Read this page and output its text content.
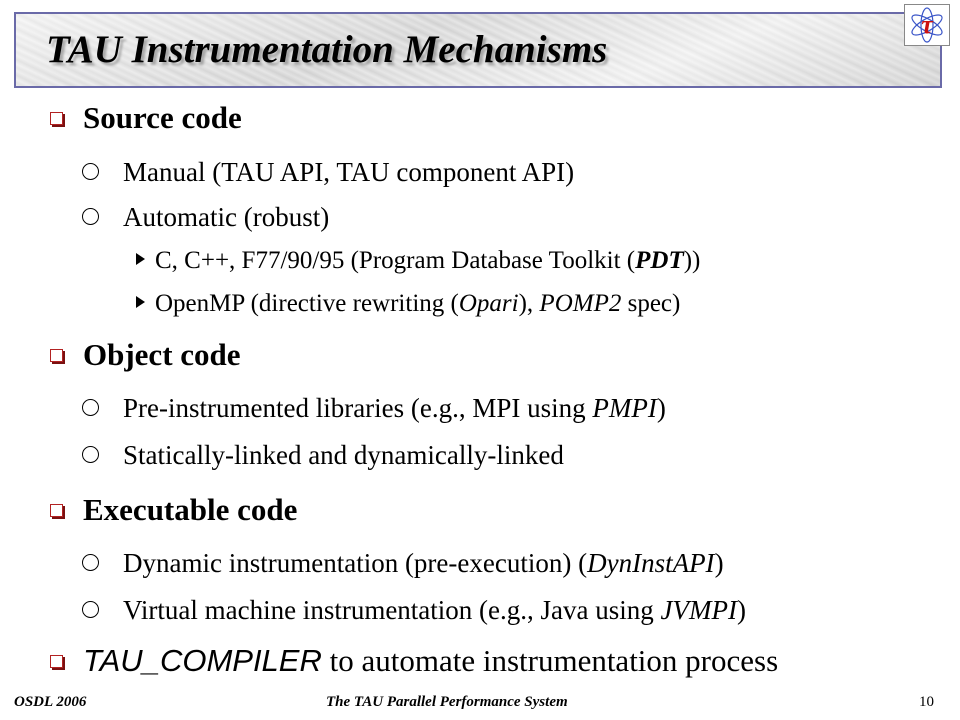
TAU Instrumentation Mechanisms
τ
Source code
Manual (TAU API, TAU component API)
Automatic (robust)
C, C++, F77/90/95 (Program Database Toolkit (PDT))
OpenMP (directive rewriting (Opari), POMP2 spec)
Object code
Pre-instrumented libraries (e.g., MPI using PMPI)
Statically-linked and dynamically-linked
Executable code
Dynamic instrumentation (pre-execution) (DynInstAPI)
Virtual machine instrumentation (e.g., Java using JVMPI)
TAU_COMPILER to automate instrumentation process
OSDL 2006	The TAU Parallel Performance System	10
